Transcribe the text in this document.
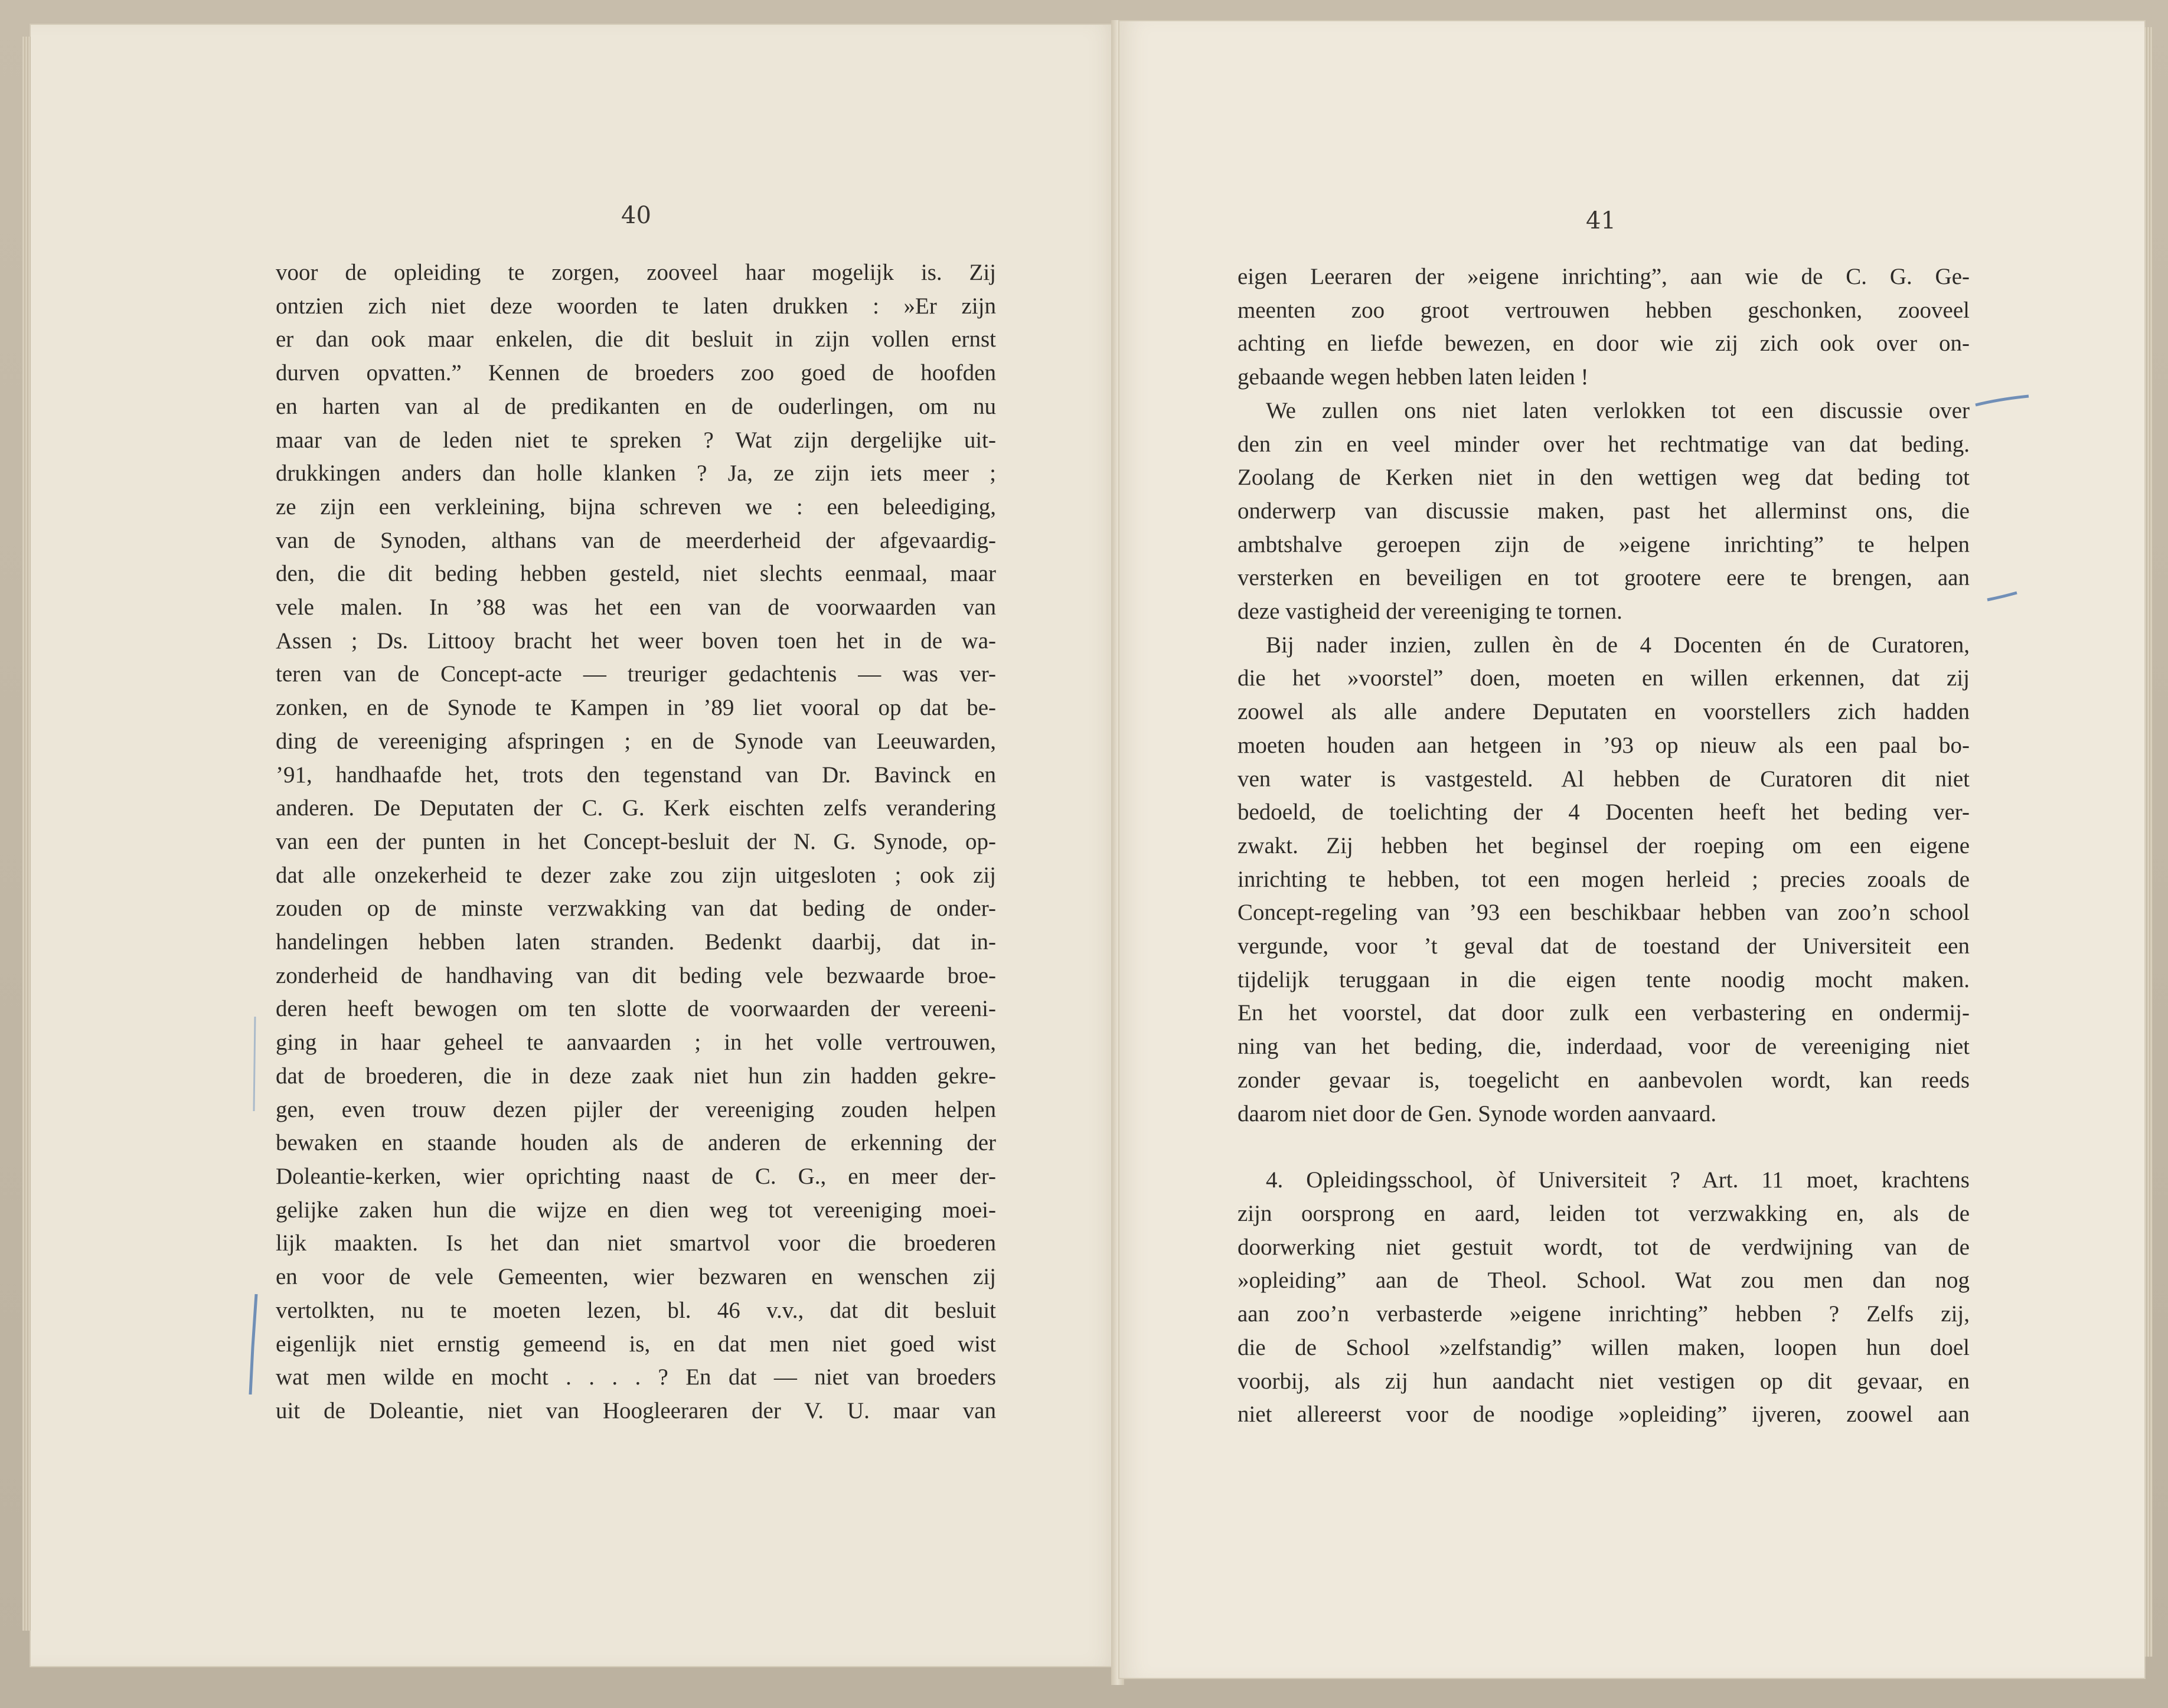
40
voor de opleiding te zorgen, zooveel haar mogelijk is. Zij
ontzien zich niet deze woorden te laten drukken : »Er zijn
er dan ook maar enkelen, die dit besluit in zijn vollen ernst
durven opvatten.” Kennen de broeders zoo goed de hoofden
en harten van al de predikanten en de ouderlingen, om nu
maar van de leden niet te spreken ? Wat zijn dergelijke uit-
drukkingen anders dan holle klanken ? Ja, ze zijn iets meer ;
ze zijn een verkleining, bijna schreven we : een beleediging,
van de Synoden, althans van de meerderheid der afgevaardig-
den, die dit beding hebben gesteld, niet slechts eenmaal, maar
vele malen. In ’88 was het een van de voorwaarden van
Assen ; Ds. Littooy bracht het weer boven toen het in de wa-
teren van de Concept-acte — treuriger gedachtenis — was ver-
zonken, en de Synode te Kampen in ’89 liet vooral op dat be-
ding de vereeniging afspringen ; en de Synode van Leeuwarden,
’91, handhaafde het, trots den tegenstand van Dr. Bavinck en
anderen. De Deputaten der C. G. Kerk eischten zelfs verandering
van een der punten in het Concept-besluit der N. G. Synode, op-
dat alle onzekerheid te dezer zake zou zijn uitgesloten ; ook zij
zouden op de minste verzwakking van dat beding de onder-
handelingen hebben laten stranden. Bedenkt daarbij, dat in-
zonderheid de handhaving van dit beding vele bezwaarde broe-
deren heeft bewogen om ten slotte de voorwaarden der vereeni-
ging in haar geheel te aanvaarden ; in het volle vertrouwen,
dat de broederen, die in deze zaak niet hun zin hadden gekre-
gen, even trouw dezen pijler der vereeniging zouden helpen
bewaken en staande houden als de anderen de erkenning der
Doleantie-kerken, wier oprichting naast de C. G., en meer der-
gelijke zaken hun die wijze en dien weg tot vereeniging moei-
lijk maakten. Is het dan niet smartvol voor die broederen
en voor de vele Gemeenten, wier bezwaren en wenschen zij
vertolkten, nu te moeten lezen, bl. 46 v.v., dat dit besluit
eigenlijk niet ernstig gemeend is, en dat men niet goed wist
wat men wilde en mocht . . . . ? En dat — niet van broeders
uit de Doleantie, niet van Hoogleeraren der V. U. maar van
41
eigen Leeraren der »eigene inrichting”, aan wie de C. G. Ge-
meenten zoo groot vertrouwen hebben geschonken, zooveel
achting en liefde bewezen, en door wie zij zich ook over on-
gebaande wegen hebben laten leiden !
We zullen ons niet laten verlokken tot een discussie over
den zin en veel minder over het rechtmatige van dat beding.
Zoolang de Kerken niet in den wettigen weg dat beding tot
onderwerp van discussie maken, past het allerminst ons, die
ambtshalve geroepen zijn de »eigene inrichting” te helpen
versterken en beveiligen en tot grootere eere te brengen, aan
deze vastigheid der vereeniging te tornen.
Bij nader inzien, zullen èn de 4 Docenten én de Curatoren,
die het »voorstel” doen, moeten en willen erkennen, dat zij
zoowel als alle andere Deputaten en voorstellers zich hadden
moeten houden aan hetgeen in ’93 op nieuw als een paal bo-
ven water is vastgesteld. Al hebben de Curatoren dit niet
bedoeld, de toelichting der 4 Docenten heeft het beding ver-
zwakt. Zij hebben het beginsel der roeping om een eigene
inrichting te hebben, tot een mogen herleid ; precies zooals de
Concept-regeling van ’93 een beschikbaar hebben van zoo’n school
vergunde, voor ’t geval dat de toestand der Universiteit een
tijdelijk teruggaan in die eigen tente noodig mocht maken.
En het voorstel, dat door zulk een verbastering en ondermij-
ning van het beding, die, inderdaad, voor de vereeniging niet
zonder gevaar is, toegelicht en aanbevolen wordt, kan reeds
daarom niet door de Gen. Synode worden aanvaard.
4. Opleidingsschool, òf Universiteit ? Art. 11 moet, krachtens
zijn oorsprong en aard, leiden tot verzwakking en, als de
doorwerking niet gestuit wordt, tot de verdwijning van de
»opleiding” aan de Theol. School. Wat zou men dan nog
aan zoo’n verbasterde »eigene inrichting” hebben ? Zelfs zij,
die de School »zelfstandig” willen maken, loopen hun doel
voorbij, als zij hun aandacht niet vestigen op dit gevaar, en
niet allereerst voor de noodige »opleiding” ijveren, zoowel aan
